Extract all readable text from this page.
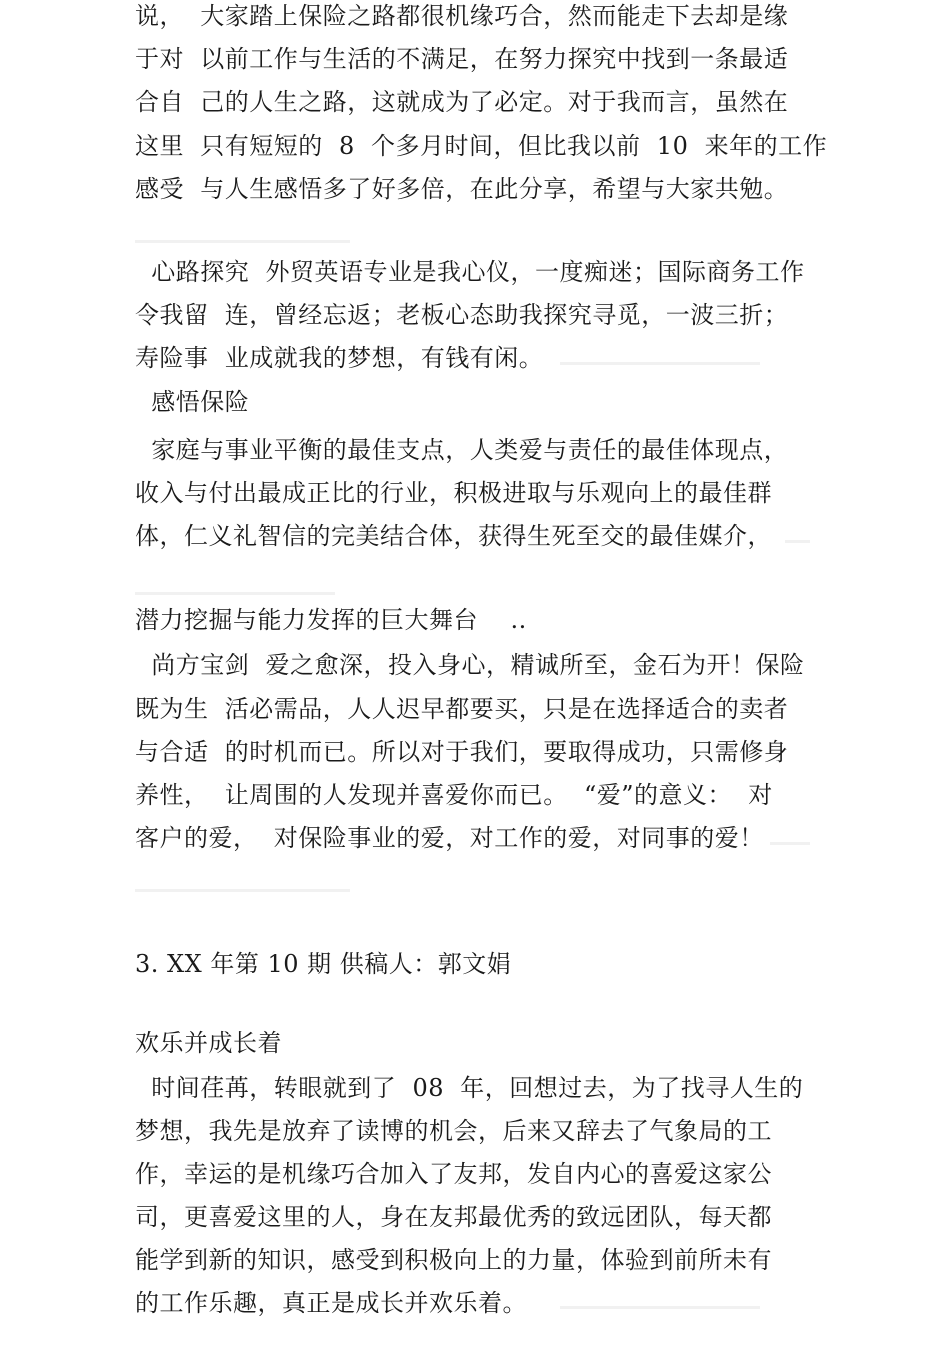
说，  大家踏上保险之路都很机缘巧合，然而能走下去却是缘
于对  以前工作与生活的不满足，在努力探究中找到一条最适
合自  己的人生之路，这就成为了必定。对于我而言，虽然在
这里  只有短短的  8  个多月时间，但比我以前  10  来年的工作
感受  与人生感悟多了好多倍，在此分享，希望与大家共勉。
心路探究  外贸英语专业是我心仪，一度痴迷；国际商务工作
令我留  连，曾经忘返；老板心态助我探究寻觅，一波三折；
寿险事  业成就我的梦想，有钱有闲。
感悟保险
家庭与事业平衡的最佳支点，人类爱与责任的最佳体现点，
收入与付出最成正比的行业，积极进取与乐观向上的最佳群
体，仁义礼智信的完美结合体，获得生死至交的最佳媒介，
潜力挖掘与能力发挥的巨大舞台    ..
尚方宝剑  爱之愈深，投入身心，精诚所至，金石为开！保险
既为生  活必需品，人人迟早都要买，只是在选择适合的卖者
与合适  的时机而已。所以对于我们，要取得成功，只需修身
养性，  让周围的人发现并喜爱你而已。  “爱”的意义：  对
客户的爱，  对保险事业的爱，对工作的爱，对同事的爱！
3. XX 年第 10 期 供稿人：郭文娟
欢乐并成长着
时间荏苒，转眼就到了  08  年，回想过去，为了找寻人生的
梦想，我先是放弃了读博的机会，后来又辞去了气象局的工
作，幸运的是机缘巧合加入了友邦，发自内心的喜爱这家公
司，更喜爱这里的人，身在友邦最优秀的致远团队，每天都
能学到新的知识，感受到积极向上的力量，体验到前所未有
的工作乐趣，真正是成长并欢乐着。
